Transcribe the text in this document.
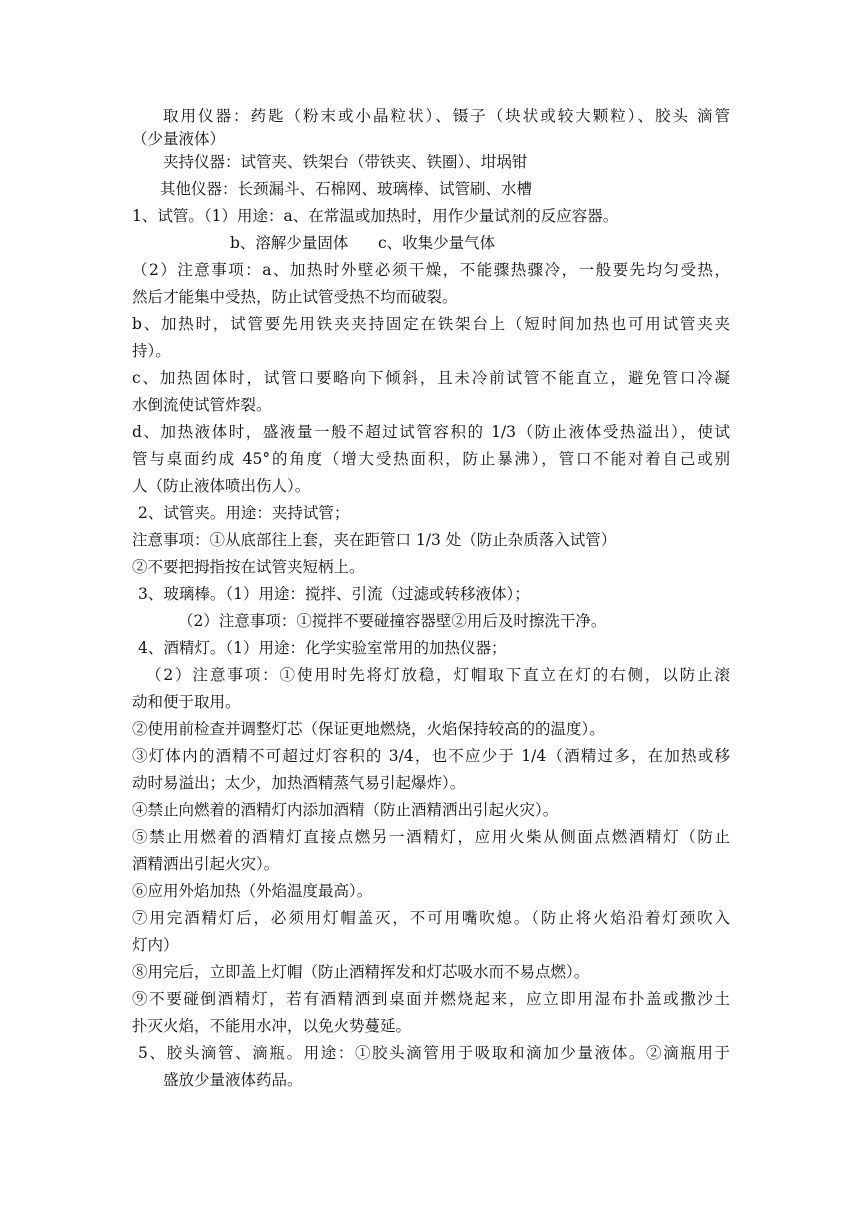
取用仪器：药匙（粉末或小晶粒状）、镊子（块状或较大颗粒）、胶头 滴管
（少量液体）
夹持仪器：试管夹、铁架台（带铁夹、铁圈）、坩埚钳
其他仪器：长颈漏斗、石棉网、玻璃棒、试管刷、水槽
1、试管。（1）用途：a、在常温或加热时，用作少量试剂的反应容器。
b、溶解少量固体      c、收集少量气体
（2）注意事项：a、加热时外壁必须干燥，不能骤热骤冷，一般要先均匀受热，
然后才能集中受热，防止试管受热不均而破裂。
b、加热时，试管要先用铁夹夹持固定在铁架台上（短时间加热也可用试管夹夹
持）。
c、加热固体时，试管口要略向下倾斜，且未冷前试管不能直立，避免管口冷凝
水倒流使试管炸裂。
d、加热液体时，盛液量一般不超过试管容积的 1/3（防止液体受热溢出），使试
管与桌面约成 45°的角度（增大受热面积，防止暴沸），管口不能对着自己或别
人（防止液体喷出伤人）。
2、试管夹。用途：夹持试管；
注意事项：①从底部往上套，夹在距管口 1/3 处（防止杂质落入试管）
②不要把拇指按在试管夹短柄上。
3、玻璃棒。（1）用途：搅拌、引流（过滤或转移液体）；
（2）注意事项：①搅拌不要碰撞容器壁②用后及时擦洗干净。
4、酒精灯。（1）用途：化学实验室常用的加热仪器；
（2）注意事项：①使用时先将灯放稳，灯帽取下直立在灯的右侧，以防止滚
动和便于取用。
②使用前检查并调整灯芯（保证更地燃烧，火焰保持较高的的温度）。
③灯体内的酒精不可超过灯容积的 3/4，也不应少于 1/4（酒精过多，在加热或移
动时易溢出；太少，加热酒精蒸气易引起爆炸）。
④禁止向燃着的酒精灯内添加酒精（防止酒精洒出引起火灾）。
⑤禁止用燃着的酒精灯直接点燃另一酒精灯，应用火柴从侧面点燃酒精灯（防止
酒精洒出引起火灾）。
⑥应用外焰加热（外焰温度最高）。
⑦用完酒精灯后，必须用灯帽盖灭，不可用嘴吹熄。（防止将火焰沿着灯颈吹入
灯内）
⑧用完后，立即盖上灯帽（防止酒精挥发和灯芯吸水而不易点燃）。
⑨不要碰倒酒精灯，若有酒精洒到桌面并燃烧起来，应立即用湿布扑盖或撒沙土
扑灭火焰，不能用水冲，以免火势蔓延。
5、胶头滴管、滴瓶。用途：①胶头滴管用于吸取和滴加少量液体。②滴瓶用于
盛放少量液体药品。
